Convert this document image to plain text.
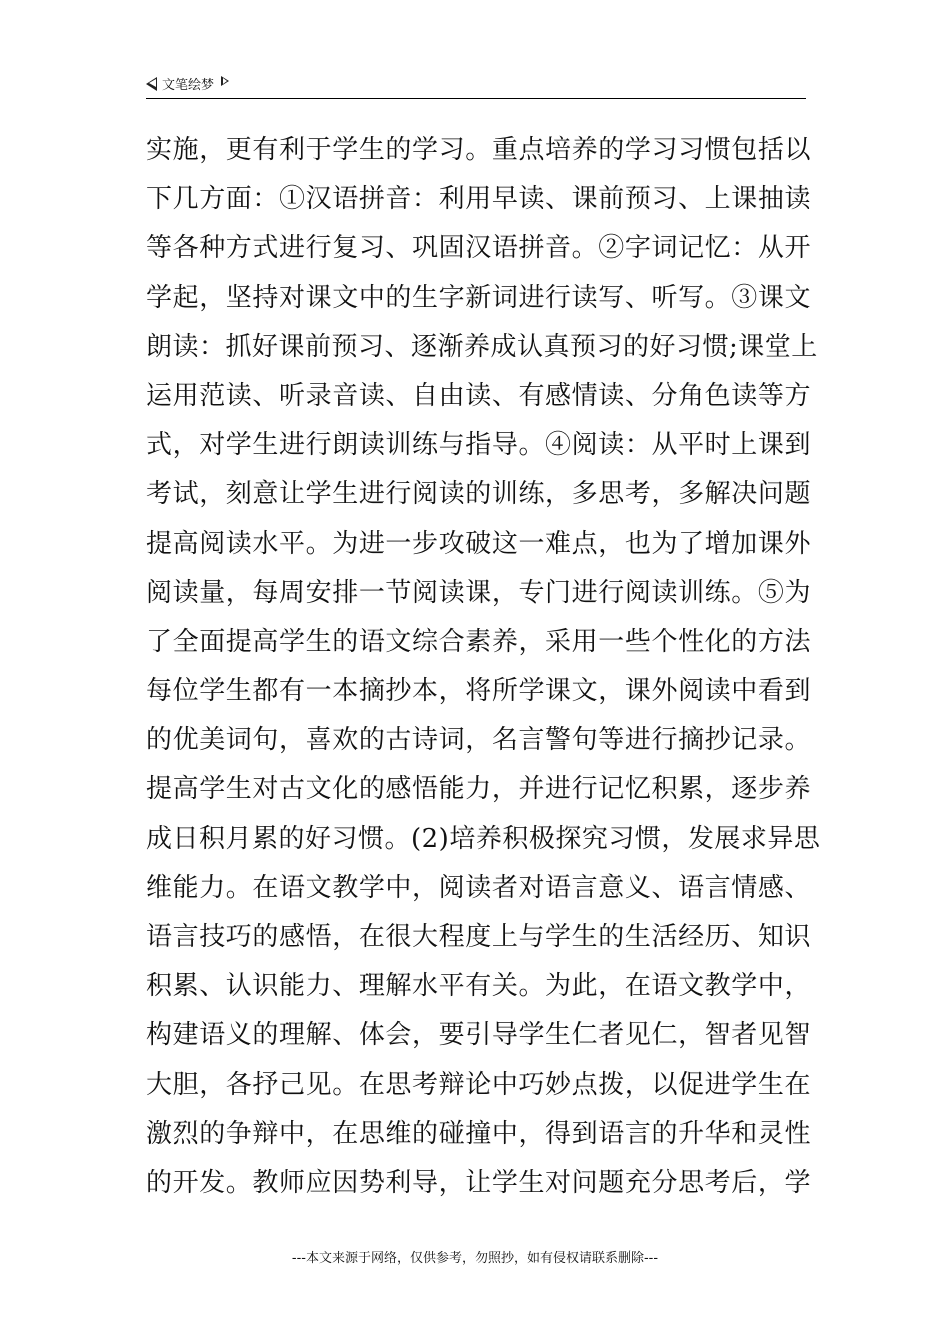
文笔绘梦
实施，更有利于学生的学习。重点培养的学习习惯包括以
下几方面：①汉语拼音：利用早读、课前预习、上课抽读
等各种方式进行复习、巩固汉语拼音。②字词记忆：从开
学起，坚持对课文中的生字新词进行读写、听写。③课文
朗读：抓好课前预习、逐渐养成认真预习的好习惯;课堂上
运用范读、听录音读、自由读、有感情读、分角色读等方
式，对学生进行朗读训练与指导。④阅读：从平时上课到
考试，刻意让学生进行阅读的训练，多思考，多解决问题
提高阅读水平。为进一步攻破这一难点，也为了增加课外
阅读量，每周安排一节阅读课，专门进行阅读训练。⑤为
了全面提高学生的语文综合素养，采用一些个性化的方法
每位学生都有一本摘抄本，将所学课文，课外阅读中看到
的优美词句，喜欢的古诗词，名言警句等进行摘抄记录。
提高学生对古文化的感悟能力，并进行记忆积累，逐步养
成日积月累的好习惯。(2)培养积极探究习惯，发展求异思
维能力。在语文教学中，阅读者对语言意义、语言情感、
语言技巧的感悟，在很大程度上与学生的生活经历、知识
积累、认识能力、理解水平有关。为此，在语文教学中，
构建语义的理解、体会，要引导学生仁者见仁，智者见智
大胆，各抒己见。在思考辩论中巧妙点拨，以促进学生在
激烈的争辩中，在思维的碰撞中，得到语言的升华和灵性
的开发。教师应因势利导，让学生对问题充分思考后，学
---本文来源于网络，仅供参考，勿照抄，如有侵权请联系删除---
